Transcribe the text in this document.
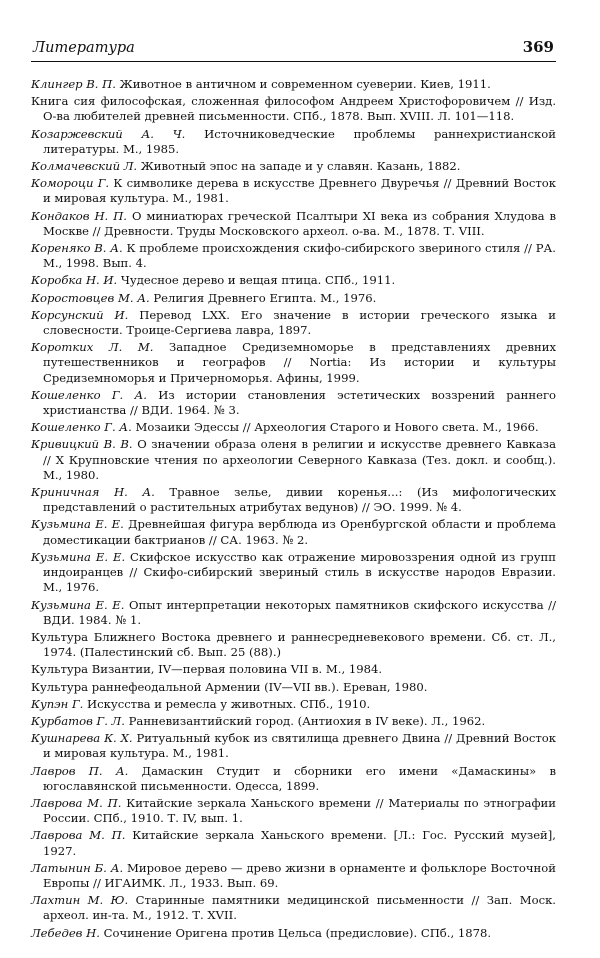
Литература	369

Клингер В. П. Животное в античном и современном суеверии. Киев, 1911.

Книга сия философская, сложенная философом Андреем Христофоровичем // Изд. О-ва любителей древней письменности. СПб., 1878. Вып. XVIII. Л. 101—118.

Козаржевский А. Ч. Источниковедческие проблемы раннехристианской литературы. М., 1985.

Колмачевский Л. Животный эпос на западе и у славян. Казань, 1882.

Комороци Г. К символике дерева в искусстве Древнего Двуречья // Древний Восток и мировая культура. М., 1981.

Кондаков Н. П. О миниатюрах греческой Псалтыри XI века из собрания Хлудова в Москве // Древности. Труды Московского археол. о-ва. М., 1878. Т. VIII.

Кореняко В. А. К проблеме происхождения скифо-сибирского звериного стиля // РА. М., 1998. Вып. 4.

Коробка Н. И. Чудесное дерево и вещая птица. СПб., 1911.

Коростовцев М. А. Религия Древнего Египта. М., 1976.

Корсунский И. Перевод LXX. Его значение в истории греческого языка и словесности. Троице-Сергиева лавра, 1897.

Коротких Л. М. Западное Средиземноморье в представлениях древних путешественников и географов // Nortia: Из истории и культуры Средиземноморья и Причерноморья. Афины, 1999.

Кошеленко Г. А. Из истории становления эстетических воззрений раннего христианства // ВДИ. 1964. № 3.

Кошеленко Г. А. Мозаики Эдессы // Археология Старого и Нового света. М., 1966.

Кривицкий В. В. О значении образа оленя в религии и искусстве древнего Кавказа // X Крупновские чтения по археологии Северного Кавказа (Тез. докл. и сообщ.). М., 1980.

Криничная Н. А. Травное зелье, дивии коренья...: (Из мифологических представлений о растительных атрибутах ведунов) // ЭО. 1999. № 4.

Кузьмина Е. Е. Древнейшая фигура верблюда из Оренбургской области и проблема доместикации бактрианов // СА. 1963. № 2.

Кузьмина Е. Е. Скифское искусство как отражение мировоззрения одной из групп индоиранцев // Скифо-сибирский звериный стиль в искусстве народов Евразии. М., 1976.

Кузьмина Е. Е. Опыт интерпретации некоторых памятников скифского искусства // ВДИ. 1984. № 1.

Культура Ближнего Востока древнего и раннесредневекового времени. Сб. ст. Л., 1974. (Палестинский сб. Вып. 25 (88).)

Культура Византии, IV—первая половина VII в. М., 1984.

Культура раннефеодальной Армении (IV—VII вв.). Ереван, 1980.

Купэн Г. Искусства и ремесла у животных. СПб., 1910.

Курбатов Г. Л. Ранневизантийский город. (Антиохия в IV веке). Л., 1962.

Кушнарева К. Х. Ритуальный кубок из святилища древнего Двина // Древний Восток и мировая культура. М., 1981.

Лавров П. А. Дамаскин Студит и сборники его имени «Дамаскины» в югославянской письменности. Одесса, 1899.

Лаврова М. П. Китайские зеркала Ханьского времени // Материалы по этнографии России. СПб., 1910. Т. IV, вып. 1.

Лаврова М. П. Китайские зеркала Ханьского времени. [Л.: Гос. Русский музей], 1927.

Латынин Б. А. Мировое дерево — древо жизни в орнаменте и фольклоре Восточной Европы // ИГАИМК. Л., 1933. Вып. 69.

Лахтин М. Ю. Старинные памятники медицинской письменности // Зап. Моск. археол. ин-та. М., 1912. Т. XVII.

Лебедев Н. Сочинение Оригена против Цельса (предисловие). СПб., 1878.
